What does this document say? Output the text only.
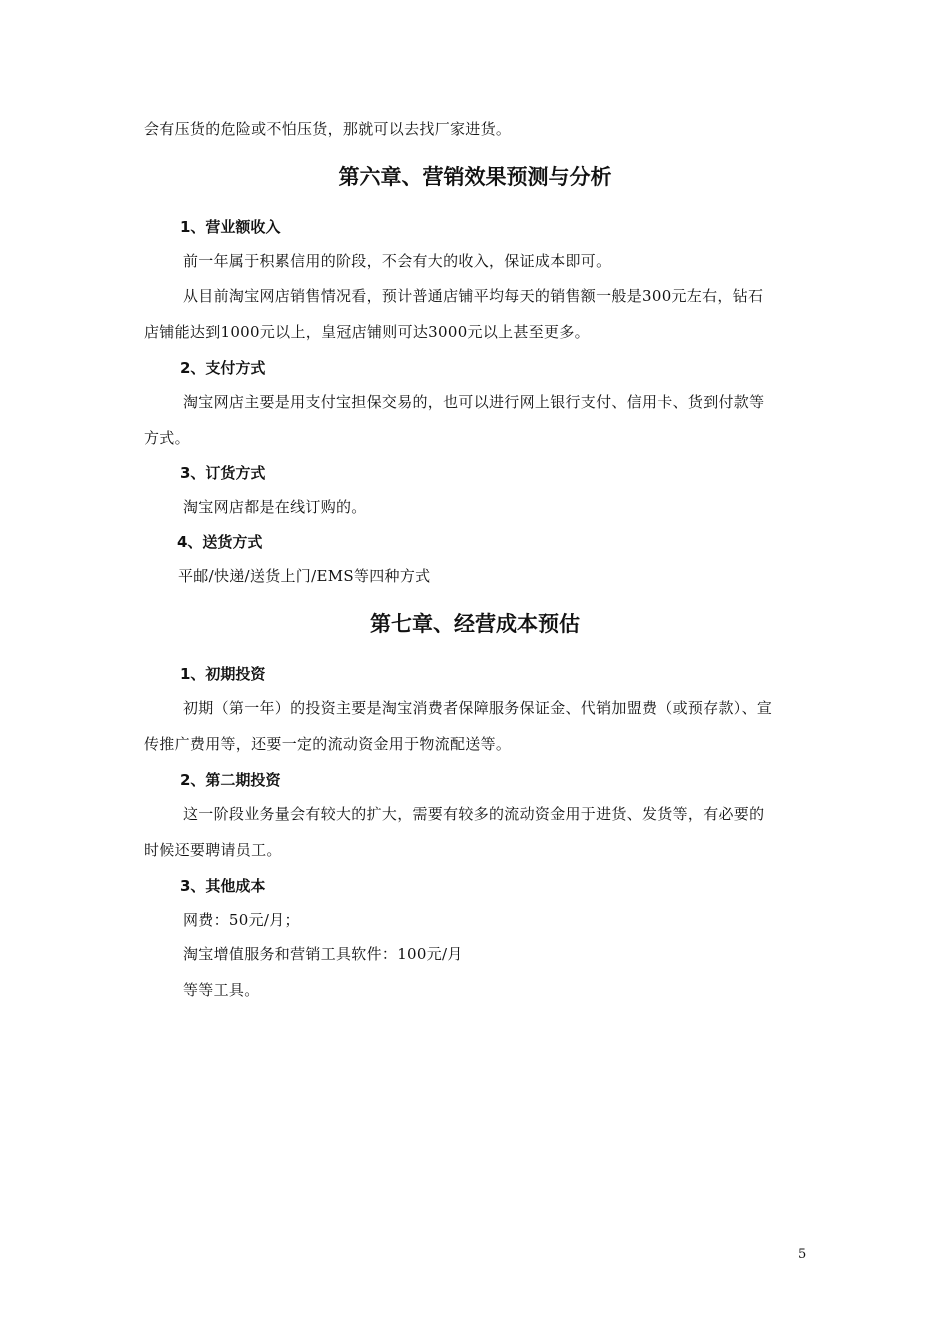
会有压货的危险或不怕压货，那就可以去找厂家进货。
第六章、营销效果预测与分析
1、营业额收入
前一年属于积累信用的阶段，不会有大的收入，保证成本即可。
从目前淘宝网店销售情况看，预计普通店铺平均每天的销售额一般是300元左右，钻石
店铺能达到1000元以上，皇冠店铺则可达3000元以上甚至更多。
2、支付方式
淘宝网店主要是用支付宝担保交易的，也可以进行网上银行支付、信用卡、货到付款等
方式。
3、订货方式
淘宝网店都是在线订购的。
4、送货方式
平邮/快递/送货上门/EMS等四种方式
第七章、经营成本预估
1、初期投资
初期（第一年）的投资主要是淘宝消费者保障服务保证金、代销加盟费（或预存款）、宣
传推广费用等，还要一定的流动资金用于物流配送等。
2、第二期投资
这一阶段业务量会有较大的扩大，需要有较多的流动资金用于进货、发货等，有必要的
时候还要聘请员工。
3、其他成本
网费：50元/月；
淘宝增值服务和营销工具软件：100元/月
等等工具。
5
